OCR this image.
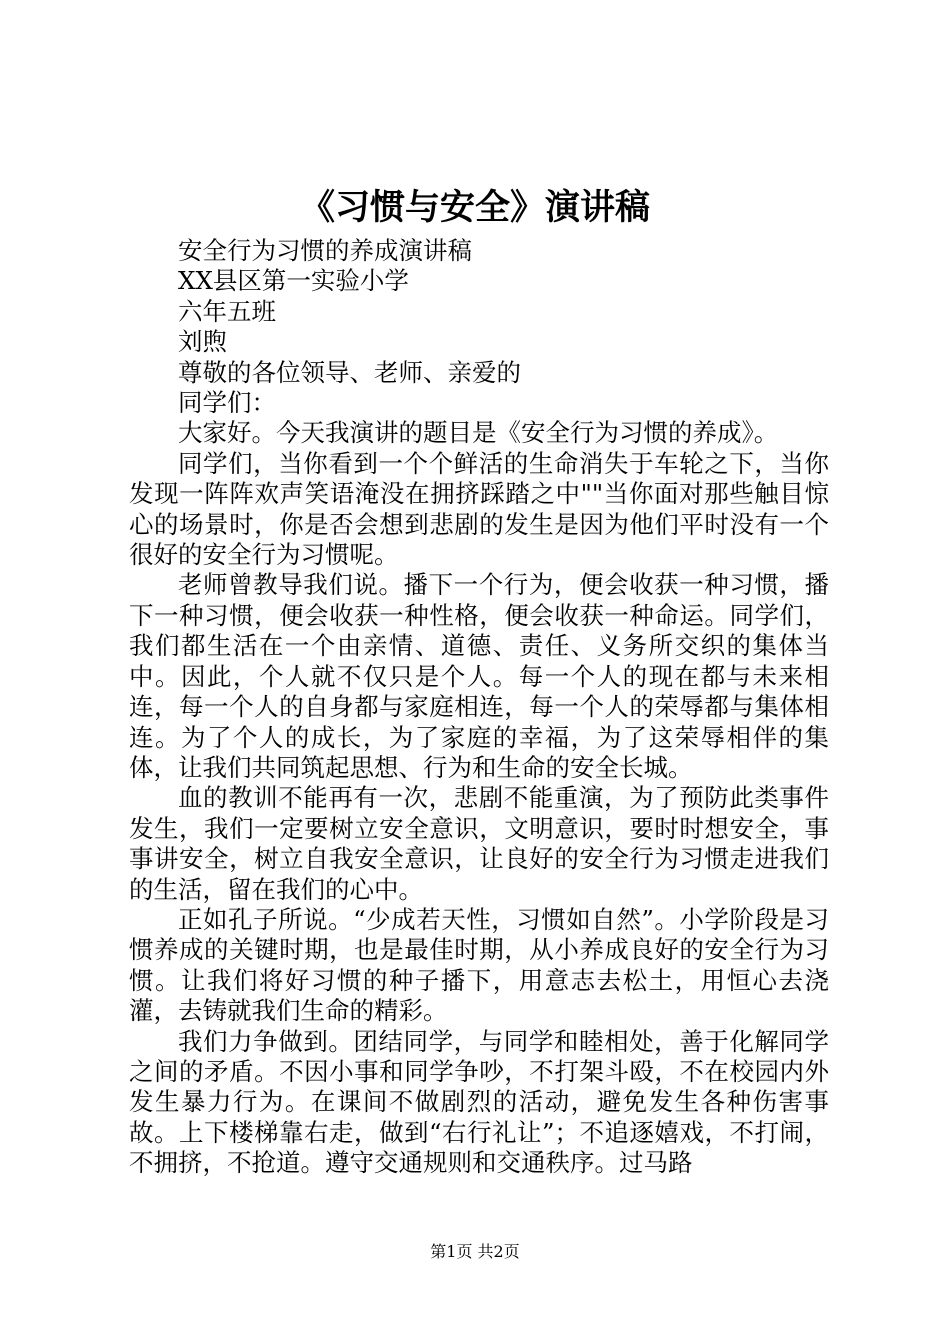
《习惯与安全》演讲稿

安全行为习惯的养成演讲稿

XX县区第一实验小学

六年五班

刘煦

尊敬的各位领导、老师、亲爱的

同学们：

大家好。今天我演讲的题目是《安全行为习惯的养成》。

同学们，当你看到一个个鲜活的生命消失于车轮之下，当你发现一阵阵欢声笑语淹没在拥挤踩踏之中""当你面对那些触目惊心的场景时，你是否会想到悲剧的发生是因为他们平时没有一个很好的安全行为习惯呢。

老师曾教导我们说。播下一个行为，便会收获一种习惯，播下一种习惯，便会收获一种性格，便会收获一种命运。同学们，我们都生活在一个由亲情、道德、责任、义务所交织的集体当中。因此，个人就不仅只是个人。每一个人的现在都与未来相连，每一个人的自身都与家庭相连，每一个人的荣辱都与集体相连。为了个人的成长，为了家庭的幸福，为了这荣辱相伴的集体，让我们共同筑起思想、行为和生命的安全长城。

血的教训不能再有一次，悲剧不能重演，为了预防此类事件发生，我们一定要树立安全意识，文明意识，要时时想安全，事事讲安全，树立自我安全意识，让良好的安全行为习惯走进我们的生活，留在我们的心中。

正如孔子所说。“少成若天性，习惯如自然”。小学阶段是习惯养成的关键时期，也是最佳时期，从小养成良好的安全行为习惯。让我们将好习惯的种子播下，用意志去松土，用恒心去浇灌，去铸就我们生命的精彩。

我们力争做到。团结同学，与同学和睦相处，善于化解同学之间的矛盾。不因小事和同学争吵，不打架斗殴，不在校园内外发生暴力行为。在课间不做剧烈的活动，避免发生各种伤害事故。上下楼梯靠右走，做到“右行礼让”；不追逐嬉戏，不打闹，不拥挤，不抢道。遵守交通规则和交通秩序。过马路

第1页 共2页
